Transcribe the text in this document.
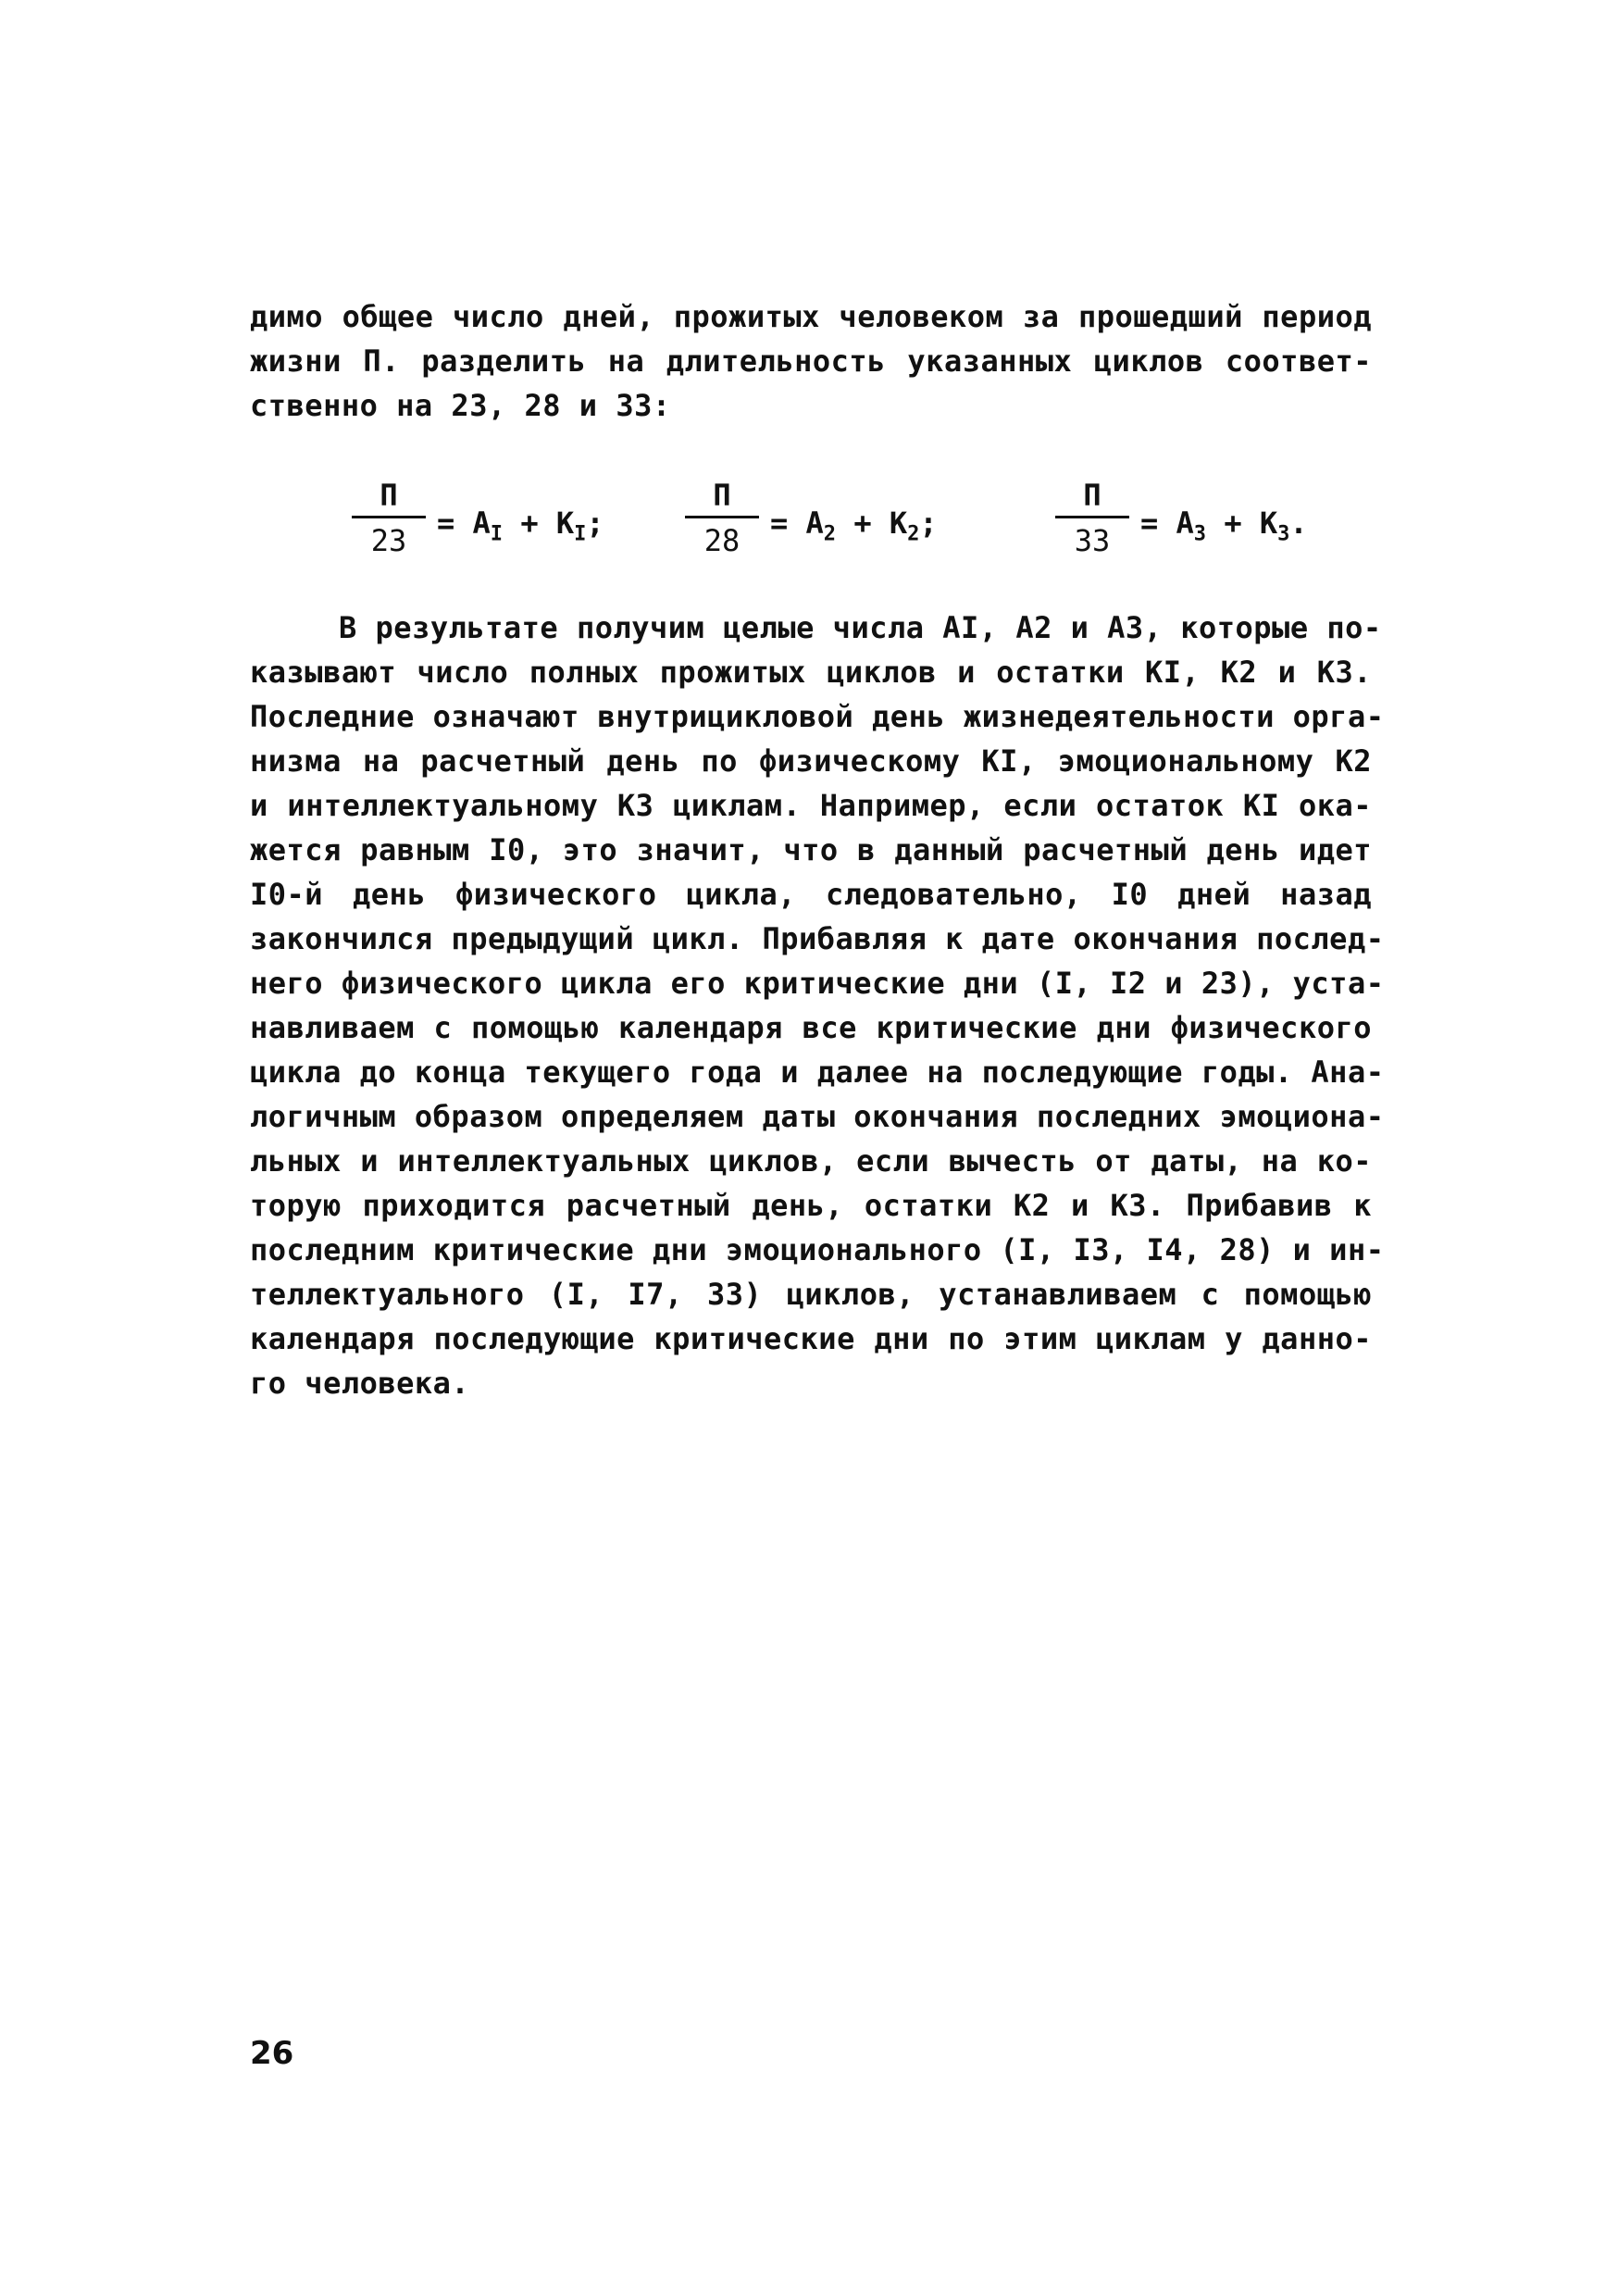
димо общее число дней, прожитых человеком за прошедший период
жизни П. разделить на длительность указанных циклов соответ-
ственно на 23, 28 и 33:
$\frac{П}{23} = A_I + K_I$;	$\frac{П}{28} = A_2 + K_2$;	$\frac{П}{33} = A_3 + K_3$.
В результате получим целые числа AI, A2 и A3, которые по-
казывают число полных прожитых циклов и остатки KI, K2 и K3.
Последние означают внутрициклoвой день жизнедеятельности орга-
низма на расчетный день по физическому KI, эмоциональному K2
и интеллектуальному K3 циклам. Например, если остаток KI ока-
жется равным I0, это значит, что в данный расчетный день идет
I0-й день физического цикла, следовательно, I0 дней назад
закончился предыдущий цикл. Прибавляя к дате окончания послед-
него физического цикла его критические дни (I, I2 и 23), уста-
навливаем с помощью календаря все критические дни физического
цикла до конца текущего года и далее на последующие годы. Ана-
логичным образом определяем даты окончания последних эмоциона-
льных и интеллектуальных циклов, если вычесть от даты, на ко-
торую приходится расчетный день, остатки K2 и K3. Прибавив к
последним критические дни эмоционального (I, I3, I4, 28) и ин-
теллектуального (I, I7, 33) циклов, устанавливаем с помощью
календаря последующие критические дни по этим циклам у данно-
го человека.
26
